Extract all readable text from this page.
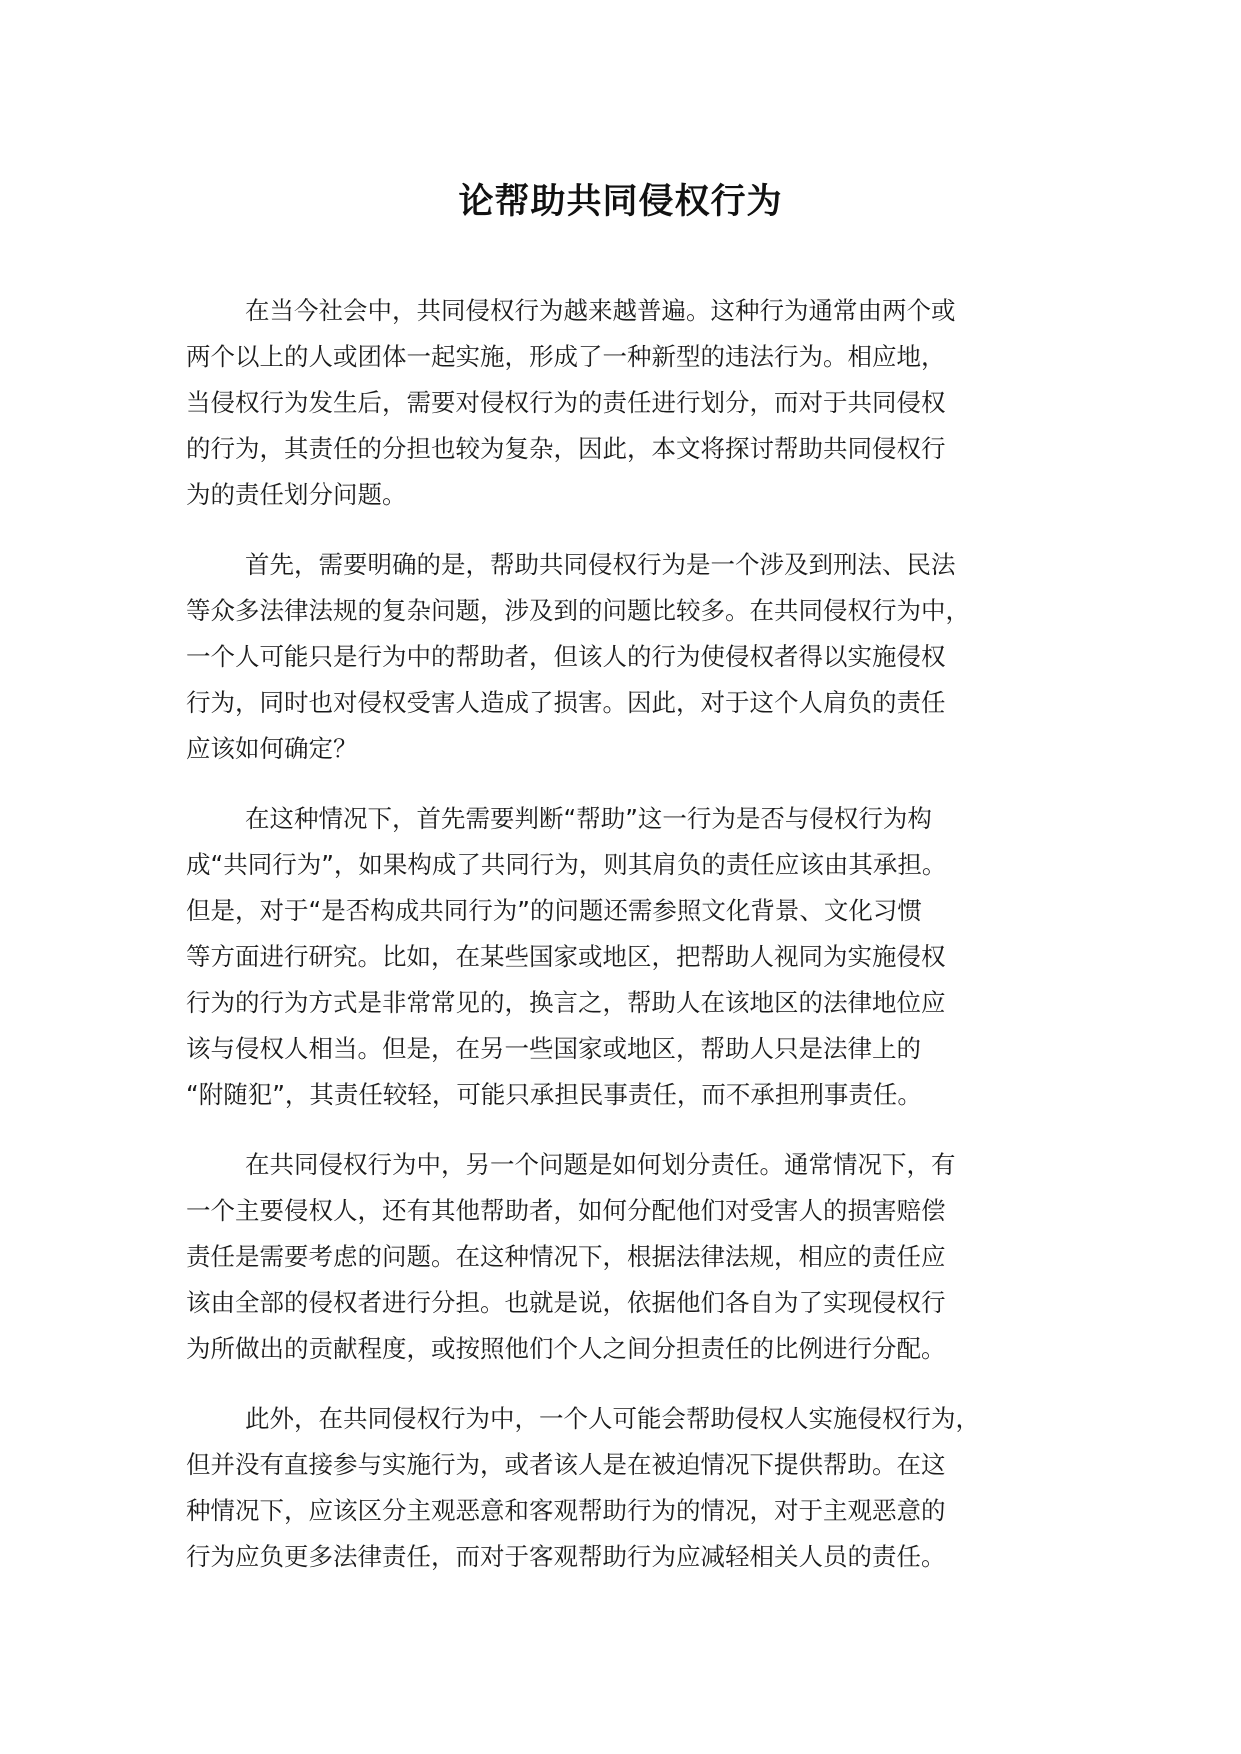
论帮助共同侵权行为
在当今社会中，共同侵权行为越来越普遍。这种行为通常由两个或
两个以上的人或团体一起实施，形成了一种新型的违法行为。相应地，
当侵权行为发生后，需要对侵权行为的责任进行划分，而对于共同侵权
的行为，其责任的分担也较为复杂，因此，本文将探讨帮助共同侵权行
为的责任划分问题。
首先，需要明确的是，帮助共同侵权行为是一个涉及到刑法、民法
等众多法律法规的复杂问题，涉及到的问题比较多。在共同侵权行为中，
一个人可能只是行为中的帮助者，但该人的行为使侵权者得以实施侵权
行为，同时也对侵权受害人造成了损害。因此，对于这个人肩负的责任
应该如何确定？
在这种情况下，首先需要判断“帮助”这一行为是否与侵权行为构
成“共同行为”，如果构成了共同行为，则其肩负的责任应该由其承担。
但是，对于“是否构成共同行为”的问题还需参照文化背景、文化习惯
等方面进行研究。比如，在某些国家或地区，把帮助人视同为实施侵权
行为的行为方式是非常常见的，换言之，帮助人在该地区的法律地位应
该与侵权人相当。但是，在另一些国家或地区，帮助人只是法律上的
“附随犯”，其责任较轻，可能只承担民事责任，而不承担刑事责任。
在共同侵权行为中，另一个问题是如何划分责任。通常情况下，有
一个主要侵权人，还有其他帮助者，如何分配他们对受害人的损害赔偿
责任是需要考虑的问题。在这种情况下，根据法律法规，相应的责任应
该由全部的侵权者进行分担。也就是说，依据他们各自为了实现侵权行
为所做出的贡献程度，或按照他们个人之间分担责任的比例进行分配。
此外，在共同侵权行为中，一个人可能会帮助侵权人实施侵权行为，
但并没有直接参与实施行为，或者该人是在被迫情况下提供帮助。在这
种情况下，应该区分主观恶意和客观帮助行为的情况，对于主观恶意的
行为应负更多法律责任，而对于客观帮助行为应减轻相关人员的责任。
